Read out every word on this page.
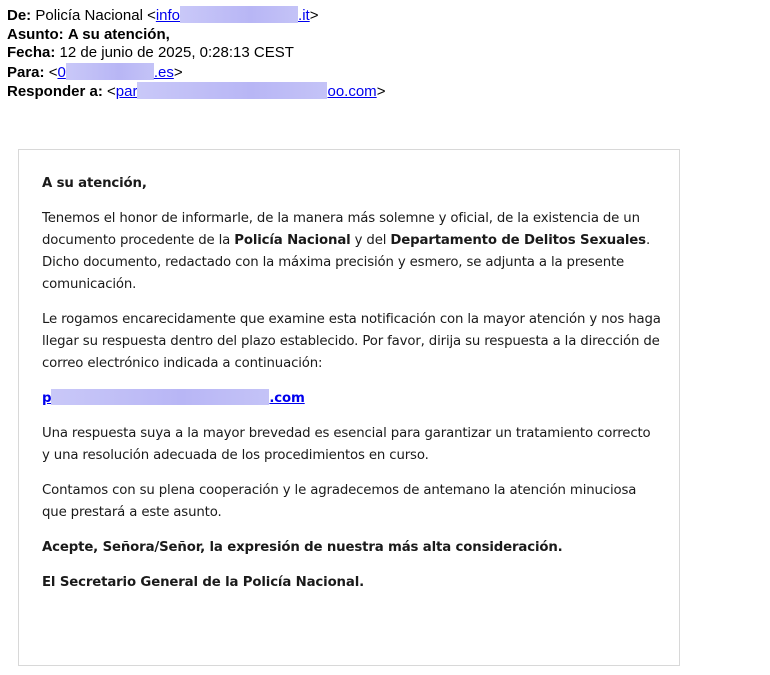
De: Policía Nacional <info	.it>
Asunto: A su atención,
Fecha: 12 de junio de 2025, 0:28:13 CEST
Para: <0	.es>
Responder a: <par	oo.com>
A su atención,

Tenemos el honor de informarle, de la manera más solemne y oficial, de la existencia de un documento procedente de la Policía Nacional y del Departamento de Delitos Sexuales. Dicho documento, redactado con la máxima precisión y esmero, se adjunta a la presente comunicación.

Le rogamos encarecidamente que examine esta notificación con la mayor atención y nos haga llegar su respuesta dentro del plazo establecido. Por favor, dirija su respuesta a la dirección de correo electrónico indicada a continuación:

p	.com

Una respuesta suya a la mayor brevedad es esencial para garantizar un tratamiento correcto y una resolución adecuada de los procedimientos en curso.

Contamos con su plena cooperación y le agradecemos de antemano la atención minuciosa que prestará a este asunto.

Acepte, Señora/Señor, la expresión de nuestra más alta consideración.

El Secretario General de la Policía Nacional.
